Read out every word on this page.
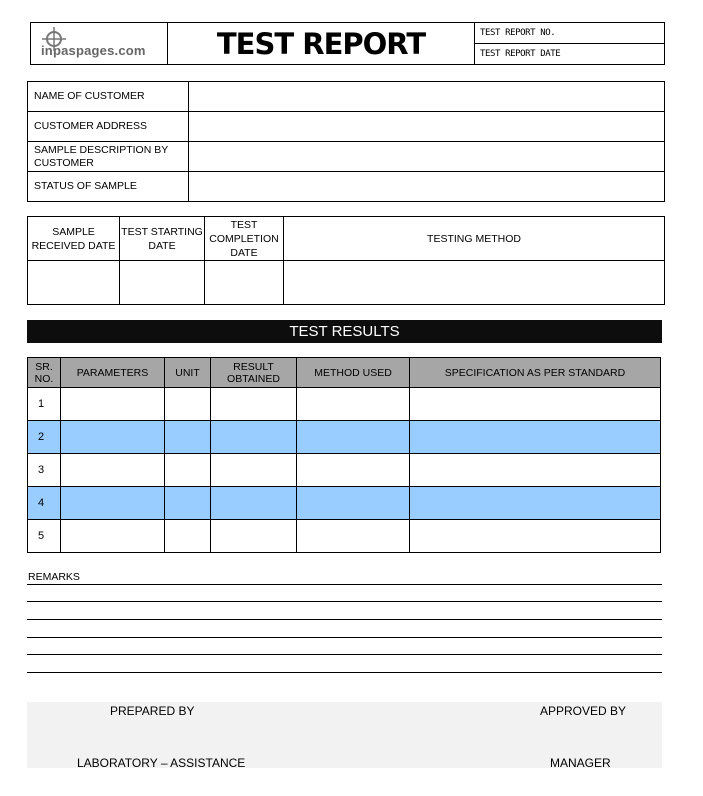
inpaspages.com	TEST REPORT	TEST REPORT NO.
TEST REPORT DATE
NAME OF CUSTOMER	
CUSTOMER ADDRESS	
SAMPLE DESCRIPTION BY CUSTOMER	
STATUS OF SAMPLE	
SAMPLE RECEIVED DATE	TEST STARTING DATE	TEST COMPLETION DATE	TESTING METHOD

TEST RESULTS
SR. NO.	PARAMETERS	UNIT	RESULT OBTAINED	METHOD USED	SPECIFICATION AS PER STANDARD
1					
2					
3					
4					
5					
REMARKS
PREPARED BY	APPROVED BY
LABORATORY – ASSISTANCE	MANAGER
